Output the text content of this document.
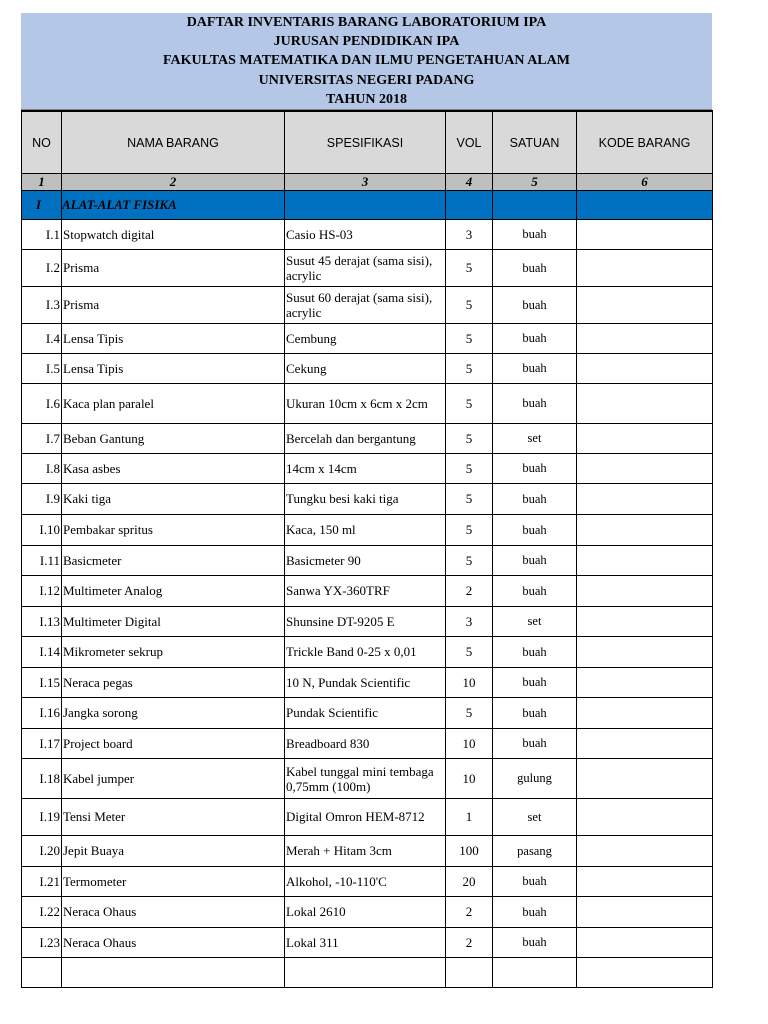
DAFTAR INVENTARIS BARANG LABORATORIUM IPA
JURUSAN PENDIDIKAN IPA
FAKULTAS MATEMATIKA DAN ILMU PENGETAHUAN ALAM
UNIVERSITAS NEGERI PADANG
TAHUN 2018
NO	NAMA BARANG	SPESIFIKASI	VOL	SATUAN	KODE BARANG
1	2	3	4	5	6
I	ALAT-ALAT FISIKA				
I.1	Stopwatch digital	Casio HS-03	3	buah	
I.2	Prisma	Susut 45 derajat (sama sisi), acrylic	5	buah	
I.3	Prisma	Susut 60 derajat (sama sisi), acrylic	5	buah	
I.4	Lensa Tipis	Cembung	5	buah	
I.5	Lensa Tipis	Cekung	5	buah	
I.6	Kaca plan paralel	Ukuran 10cm x 6cm x 2cm	5	buah	
I.7	Beban Gantung	Bercelah dan bergantung	5	set	
I.8	Kasa asbes	14cm x 14cm	5	buah	
I.9	Kaki tiga	Tungku besi kaki tiga	5	buah	
I.10	Pembakar spritus	Kaca, 150 ml	5	buah	
I.11	Basicmeter	Basicmeter 90	5	buah	
I.12	Multimeter Analog	Sanwa YX-360TRF	2	buah	
I.13	Multimeter Digital	Shunsine DT-9205 E	3	set	
I.14	Mikrometer sekrup	Trickle Band 0-25 x 0,01	5	buah	
I.15	Neraca pegas	10 N, Pundak Scientific	10	buah	
I.16	Jangka sorong	Pundak Scientific	5	buah	
I.17	Project board	Breadboard 830	10	buah	
I.18	Kabel jumper	Kabel tunggal mini tembaga 0,75mm (100m)	10	gulung	
I.19	Tensi Meter	Digital Omron HEM-8712	1	set	
I.20	Jepit Buaya	Merah + Hitam 3cm	100	pasang	
I.21	Termometer	Alkohol, -10-110'C	20	buah	
I.22	Neraca Ohaus	Lokal 2610	2	buah	
I.23	Neraca Ohaus	Lokal 311	2	buah	
